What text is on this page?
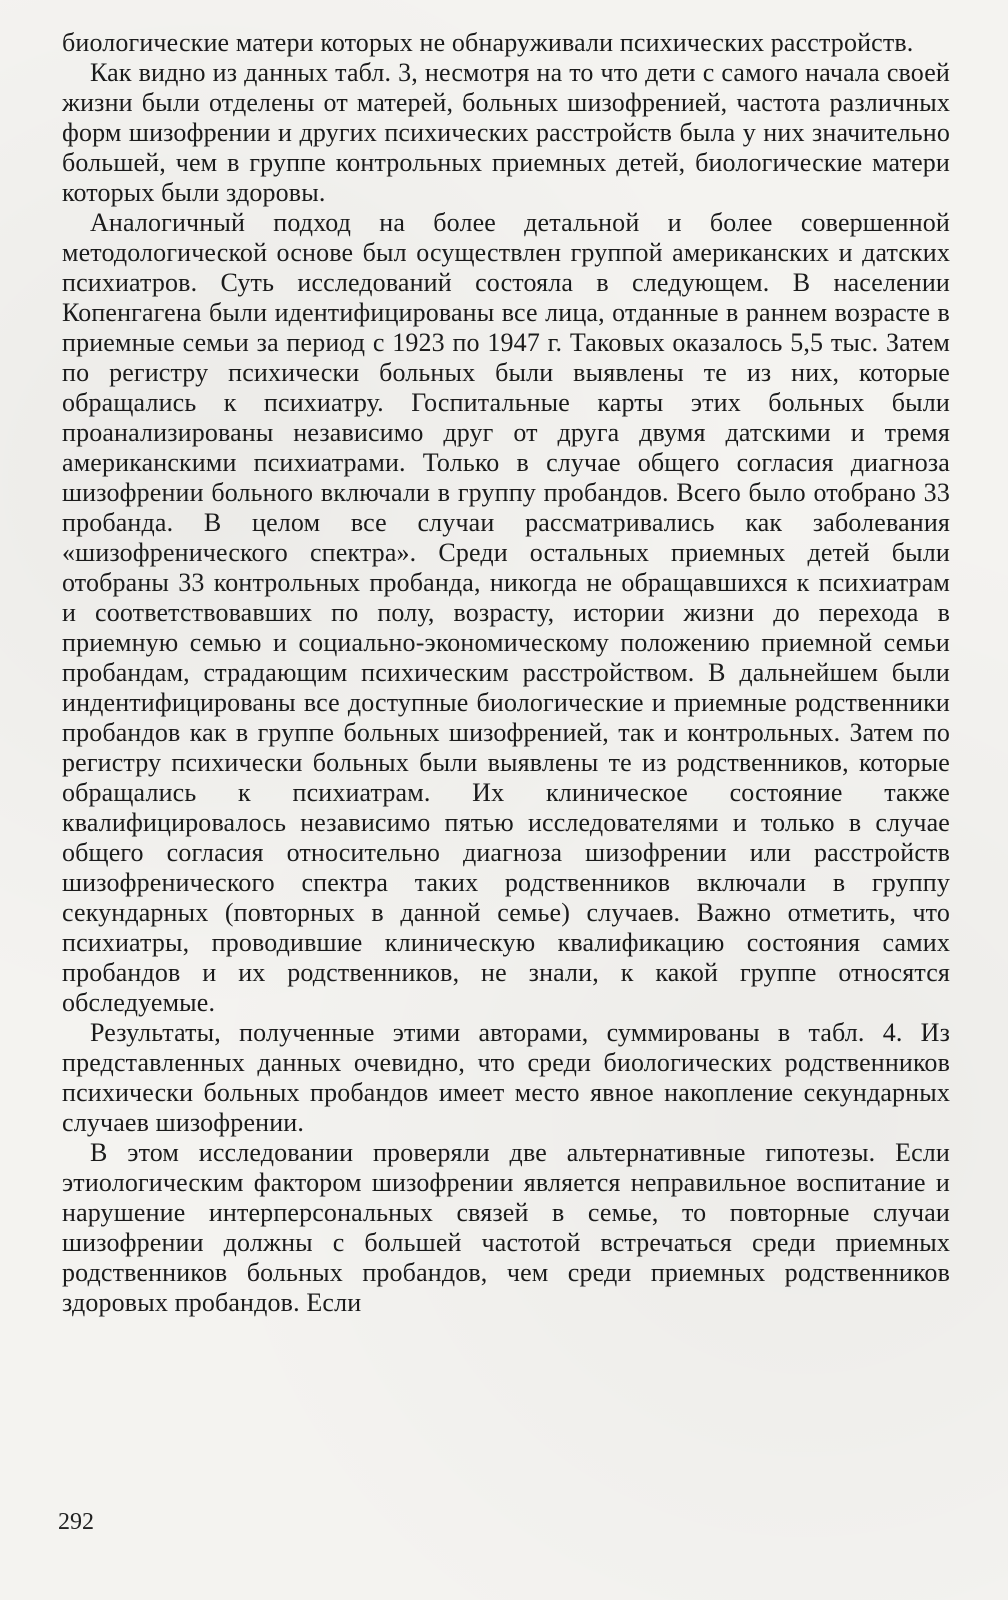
биологические матери которых не обнаруживали психических расстройств.

Как видно из данных табл. 3, несмотря на то что дети с самого начала своей жизни были отделены от матерей, больных шизофренией, частота различных форм шизофрении и других психических расстройств была у них значительно большей, чем в группе контрольных приемных детей, биологические матери которых были здоровы.

Аналогичный подход на более детальной и более совершенной методологической основе был осуществлен группой американских и датских психиатров. Суть исследований состояла в следующем. В населении Копенгагена были идентифицированы все лица, отданные в раннем возрасте в приемные семьи за период с 1923 по 1947 г. Таковых оказалось 5,5 тыс. Затем по регистру психически больных были выявлены те из них, которые обращались к психиатру. Госпитальные карты этих больных были проанализированы независимо друг от друга двумя датскими и тремя американскими психиатрами. Только в случае общего согласия диагноза шизофрении больного включали в группу пробандов. Всего было отобрано 33 пробанда. В целом все случаи рассматривались как заболевания «шизофренического спектра». Среди остальных приемных детей были отобраны 33 контрольных пробанда, никогда не обращавшихся к психиатрам и соответствовавших по полу, возрасту, истории жизни до перехода в приемную семью и социально-экономическому положению приемной семьи пробандам, страдающим психическим расстройством. В дальнейшем были индентифицированы все доступные биологические и приемные родственники пробандов как в группе больных шизофренией, так и контрольных. Затем по регистру психически больных были выявлены те из родственников, которые обращались к психиатрам. Их клиническое состояние также квалифицировалось независимо пятью исследователями и только в случае общего согласия относительно диагноза шизофрении или расстройств шизофренического спектра таких родственников включали в группу секундарных (повторных в данной семье) случаев. Важно отметить, что психиатры, проводившие клиническую квалификацию состояния самих пробандов и их родственников, не знали, к какой группе относятся обследуемые.

Результаты, полученные этими авторами, суммированы в табл. 4. Из представленных данных очевидно, что среди биологических родственников психически больных пробандов имеет место явное накопление секундарных случаев шизофрении.

В этом исследовании проверяли две альтернативные гипотезы. Если этиологическим фактором шизофрении является неправильное воспитание и нарушение интерперсональных связей в семье, то повторные случаи шизофрении должны с большей частотой встречаться среди приемных родственников больных пробандов, чем среди приемных родственников здоровых пробандов. Если

292
